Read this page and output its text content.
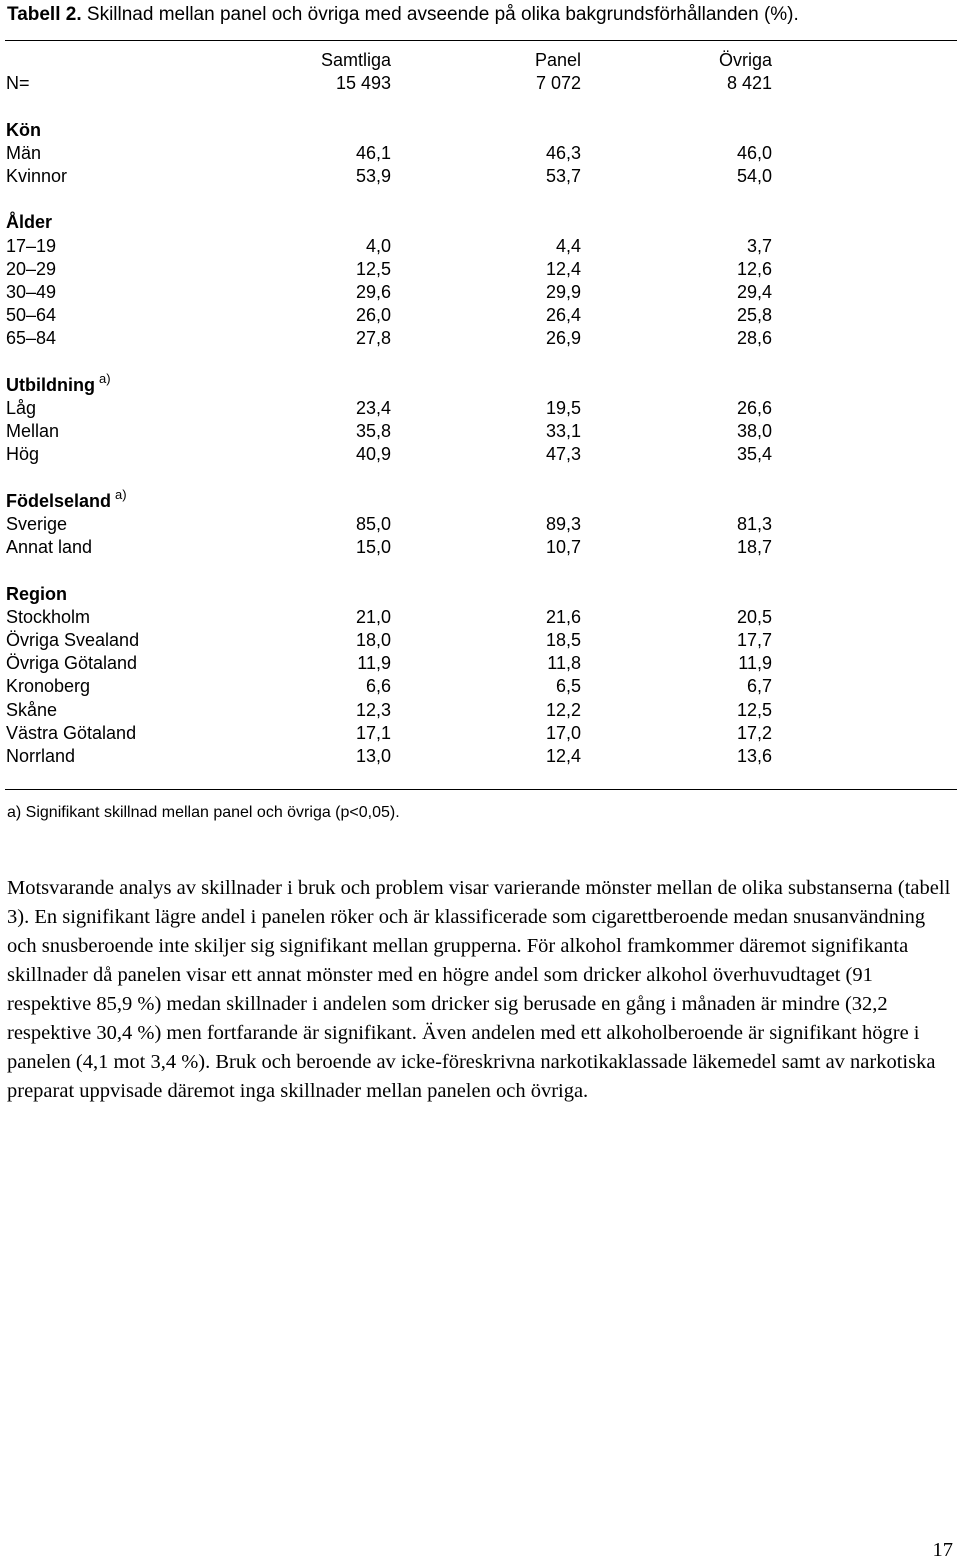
Tabell 2. Skillnad mellan panel och övriga med avseende på olika bakgrundsförhållanden (%).
	Samtliga	Panel	Övriga
N=	15 493	7 072	8 421

Kön			
Män	46,1	46,3	46,0
Kvinnor	53,9	53,7	54,0

Ålder			
17–19	4,0	4,4	3,7
20–29	12,5	12,4	12,6
30–49	29,6	29,9	29,4
50–64	26,0	26,4	25,8
65–84	27,8	26,9	28,6

Utbildning $^{a)}$			
Låg	23,4	19,5	26,6
Mellan	35,8	33,1	38,0
Hög	40,9	47,3	35,4

Födelseland $^{a)}$			
Sverige	85,0	89,3	81,3
Annat land	15,0	10,7	18,7

Region			
Stockholm	21,0	21,6	20,5
Övriga Svealand	18,0	18,5	17,7
Övriga Götaland	11,9	11,8	11,9
Kronoberg	6,6	6,5	6,7
Skåne	12,3	12,2	12,5
Västra Götaland	17,1	17,0	17,2
Norrland	13,0	12,4	13,6
a) Signifikant skillnad mellan panel och övriga (p<0,05).

Motsvarande analys av skillnader i bruk och problem visar varierande mönster mellan de olika substanserna (tabell 3). En signifikant lägre andel i panelen röker och är klassificerade som cigarettberoende medan snusanvändning och snusberoende inte skiljer sig signifikant mellan grupperna. För alkohol framkommer däremot signifikanta skillnader då panelen visar ett annat mönster med en högre andel som dricker alkohol överhuvudtaget (91 respektive 85,9 %) medan skillnader i andelen som dricker sig berusade en gång i månaden är mindre (32,2 respektive 30,4 %) men fortfarande är signifikant. Även andelen med ett alkoholberoende är signifikant högre i panelen (4,1 mot 3,4 %). Bruk och beroende av icke-föreskrivna narkotikaklassade läkemedel samt av narkotiska preparat uppvisade däremot inga skillnader mellan panelen och övriga.

17
